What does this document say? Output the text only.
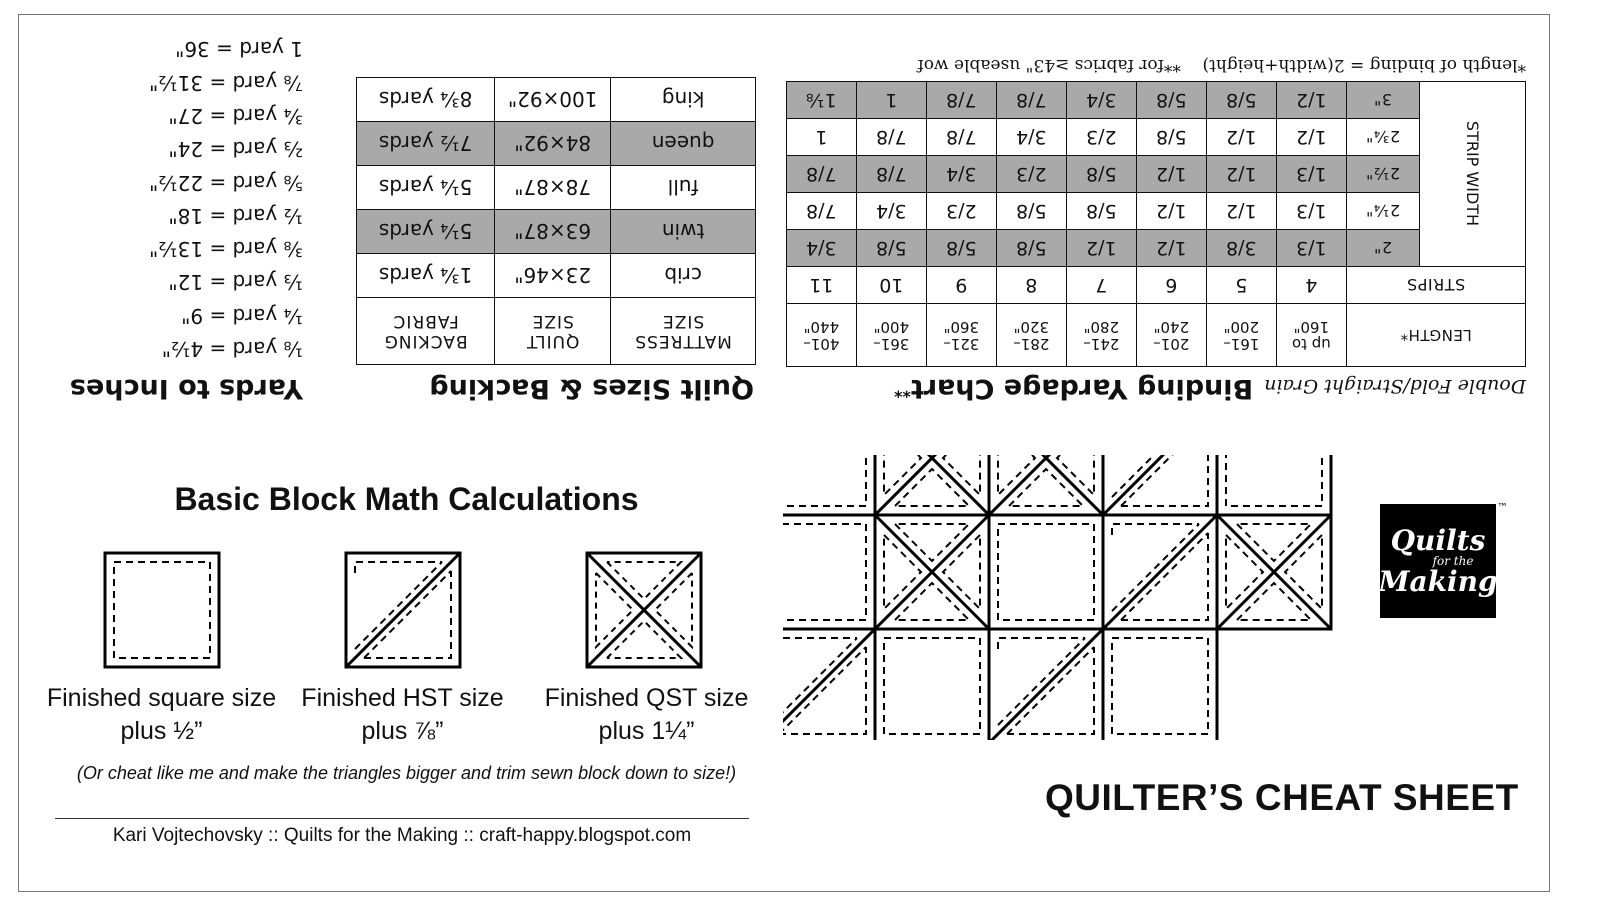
Yards to Inches
⅛ yard = 4½"
¼ yard = 9"
⅓ yard = 12"
⅜ yard = 13½"
½ yard = 18"
⅝ yard = 22½"
⅔ yard = 24"
¾ yard = 27"
⅞ yard = 31½"
1 yard = 36"
Quilt Sizes & Backing
MATTRESS SIZE	QUILT SIZE	BACKING FABRIC
crib	23×46"	1¾ yards
twin	63×87"	5¼ yards
full	78×87"	5¼ yards
queen	84×92"	7½ yards
king	100×92"	8¾ yards
Double Fold/Straight Grain Binding Yardage Chart**
LENGTH*		up to 160"	161–200"	201–240"	241–280"	281–320"	321–360"	361–400"	401–440"
STRIPS		4	5	6	7	8	9	10	11
STRIP WIDTH	2"	1/3	3/8	1/2	1/2	5/8	5/8	5/8	3/4
	2¼"	1/3	1/2	1/2	5/8	5/8	2/3	3/4	7/8
	2½"	1/3	1/2	1/2	5/8	2/3	3/4	7/8	7/8
	2¾"	1/2	1/2	5/8	2/3	3/4	7/8	7/8	1
	3"	1/2	5/8	5/8	3/4	7/8	7/8	1	1⅛
*length of binding = 2(width+height)    **for fabrics ≥43" useable wof
Basic Block Math Calculations
Finished square size
plus ½”
Finished HST size
plus ⅞”
Finished QST size
plus 1¼”
(Or cheat like me and make the triangles bigger and trim sewn block down to size!)
Kari Vojtechovsky :: Quilts for the Making :: craft-happy.blogspot.com
Quilts
for the
Making
™
QUILTER’S CHEAT SHEET
